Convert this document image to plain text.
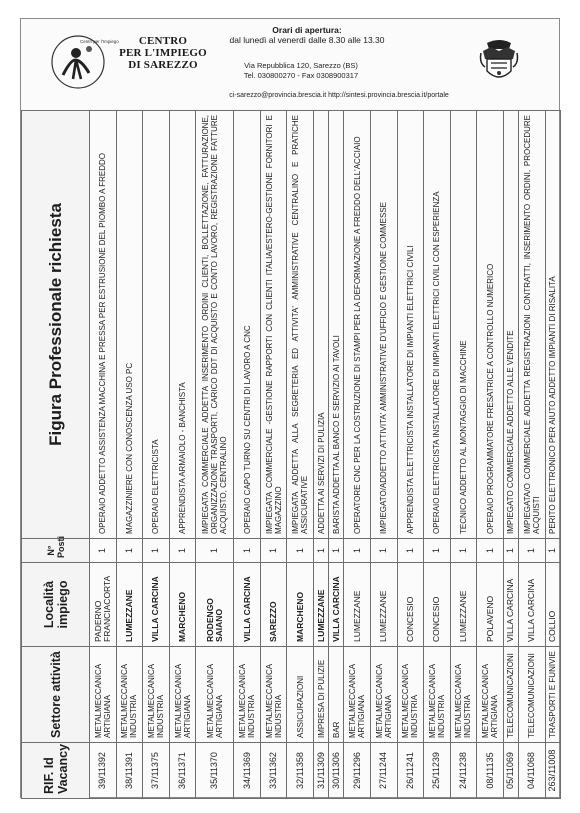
Centri per l'Impiego	CENTRO
PER L'IMPIEGO
DI SAREZZO
Orari di apertura:
dal lunedì al venerdì dalle 8.30 alle 13.30
Via Repubblica 120, Sarezzo (BS)
Tel. 030800270 - Fax 0308900317
ci-sarezzo@provincia.brescia.it http://sintesi.provincia.brescia.it/portale
RIF. Id Vacancy	Settore attività	Località impiego	N° Posti	Figura Professionale richiesta
39/11392	METALMECCANICA ARTIGIANA	PADERNO FRANCIACORTA	1	OPERAIO ADDETTO ASSISTENZA MACCHINA E PRESSA PER ESTRUSIONE DEL PIOMBO A FREDDO
38/11391	METALMECCANICA INDUSTRIA	LUMEZZANE	1	MAGAZZINIERE CON CONOSCENZA USO PC
37/11375	METALMECCANICA INDUSTRIA	VILLA CARCINA	1	OPERAIO ELETTRICISTA
36/11371	METALMECCANICA ARTIGIANA	MARCHENO	1	APPRENDISTA ARMAIOLO - BANCHISTA
35/11370	METALMECCANICA ARTIGIANA	RODENGO SAIANO	1	IMPIEGATA COMMERCIALE ADDETTA INSERIMENTO ORDINI CLIENTI, BOLLETTAZIONE, FATTURAZIONE, ORGANIZZAZIONE TRASPORTI, CARICO DDT DI ACQUISTO E CONTO LAVORO, REGISTRAZIONE FATTURE ACQUISTO, CENTRALINO
34/11369	METALMECCANICA INDUSTRIA	VILLA CARCINA	1	OPERAIO CAPO TURNO SU CENTRI DI LAVORO A CNC
33/11362	METALMECCANICA INDUSTRIA	SAREZZO	1	IMPIEGATA COMMERCIALE -GESTIONE RAPPORTI CON CLIENTI ITALIA/ESTERO-GESTIONE FORNITORI E MAGAZZINO
32/11358	ASSICURAZIONI	MARCHENO	1	IMPIEGATA ADDETTA ALLA SEGRETERIA ED ATTIVITA' AMMINISTRATIVE CENTRALINO E PRATICHE ASSICURATIVE
31/11309	IMPRESA DI PULIZIE	LUMEZZANE	1	ADDETTA AI SERVIZI DI PULIZIA
30/11306	BAR	VILLA CARCINA	1	BARISTA ADDETTA AL BANCO E SERVIZIO AI TAVOLI
29/11296	METALMECCANICA ARTIGIANA	LUMEZZANE	1	OPERATORE CNC PER LA COSTRUZIONE DI STAMPI PER LA DEFORMAZIONE A FREDDO DELL'ACCIAIO
27/11244	METALMECCANICA ARTIGIANA	LUMEZZANE	1	IMPIEGATO/ADDETTO ATTIVITA' AMMINISTRATIVE D'UFFICIO E GESTIONE COMMESSE
26/11241	METALMECCANICA INDUSTRIA	CONCESIO	1	APPRENDISTA ELETTRICISTA INSTALLATORE DI IMPIANTI ELETTRICI CIVILI
25/11239	METALMECCANICA INDUSTRIA	CONCESIO	1	OPERAIO ELETTRICISTA INSTALLATORE DI IMPIANTI ELETTRICI CIVILI CON ESPERIENZA
24/11238	METALMECCANICA INDUSTRIA	LUMEZZANE	1	TECNICO ADDETTO AL MONTAGGIO DI MACCHINE
08/11135	METALMECCANICA ARTIGIANA	POLAVENO	1	OPERAIO PROGRAMMATORE FRESATRICE A CONTROLLO NUMERICO
05/11069	TELECOMUNICAZIONI	VILLA CARCINA	1	IMPIEGATO COMMERCIALE ADDETTO ALLE VENDITE
04/11068	TELECOMUNICAZIONI	VILLA CARCINA	1	IMPIEGATA/O COMMERCIALE ADDETTA REGISTRAZIONI CONTRATTI, INSERIMENTO ORDINI, PROCEDURE ACQUISTI
263/11008	TRASPORTI E FUNIVIE	COLLIO	1	PERITO ELETTRONICO PER AIUTO ADDETTO IMPIANTI DI RISALITA
